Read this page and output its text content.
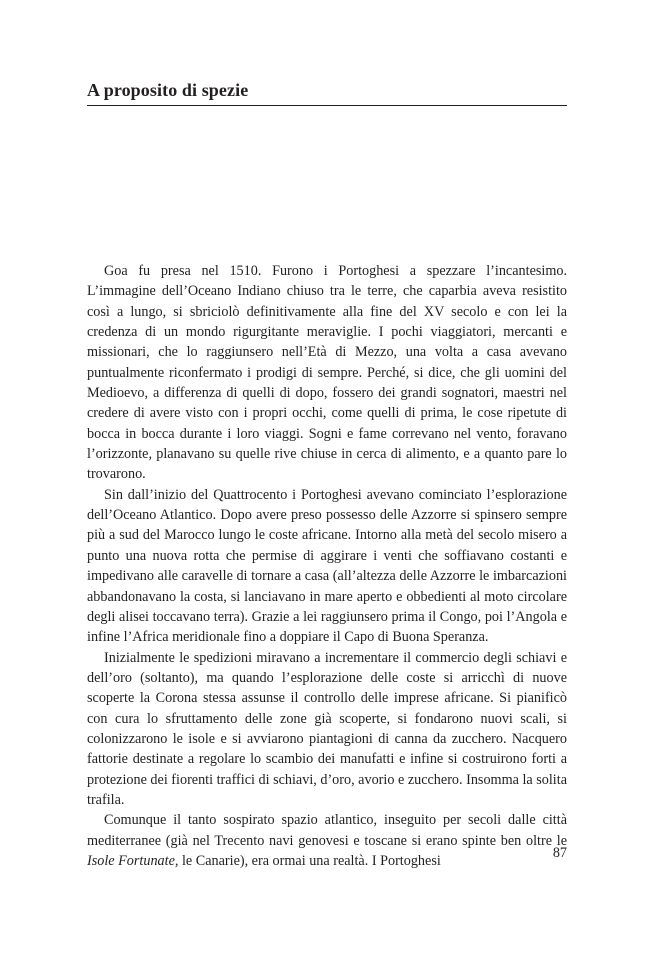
A proposito di spezie

Goa fu presa nel 1510. Furono i Portoghesi a spezzare l’incantesimo. L’immagine dell’Oceano Indiano chiuso tra le terre, che caparbia aveva resistito così a lungo, si sbriciolò definitivamente alla fine del XV secolo e con lei la credenza di un mondo rigurgitante meraviglie. I pochi viaggiatori, mercanti e missionari, che lo raggiunsero nell’Età di Mezzo, una volta a casa avevano puntualmente riconfermato i prodigi di sempre. Perché, si dice, che gli uomini del Medioevo, a differenza di quelli di dopo, fossero dei grandi sognatori, maestri nel credere di avere visto con i propri occhi, come quelli di prima, le cose ripetute di bocca in bocca durante i loro viaggi. Sogni e fame correvano nel vento, foravano l’orizzonte, planavano su quelle rive chiuse in cerca di alimento, e a quanto pare lo trovarono.

Sin dall’inizio del Quattrocento i Portoghesi avevano cominciato l’esplorazione dell’Oceano Atlantico. Dopo avere preso possesso delle Azzorre si spinsero sempre più a sud del Marocco lungo le coste africane. Intorno alla metà del secolo misero a punto una nuova rotta che permise di aggirare i venti che soffiavano costanti e impedivano alle caravelle di tornare a casa (all’altezza delle Azzorre le imbarcazioni abbandonavano la costa, si lanciavano in mare aperto e obbedienti al moto circolare degli alisei toccavano terra). Grazie a lei raggiunsero prima il Congo, poi l’Angola e infine l’Africa meridionale fino a doppiare il Capo di Buona Speranza.

Inizialmente le spedizioni miravano a incrementare il commercio degli schiavi e dell’oro (soltanto), ma quando l’esplorazione delle coste si arricchì di nuove scoperte la Corona stessa assunse il controllo delle imprese africane. Si pianificò con cura lo sfruttamento delle zone già scoperte, si fondarono nuovi scali, si colonizzarono le isole e si avviarono piantagioni di canna da zucchero. Nacquero fattorie destinate a regolare lo scambio dei manufatti e infine si costruirono forti a protezione dei fiorenti traffici di schiavi, d’oro, avorio e zucchero. Insomma la solita trafila.

Comunque il tanto sospirato spazio atlantico, inseguito per secoli dalle città mediterranee (già nel Trecento navi genovesi e toscane si erano spinte ben oltre le Isole Fortunate, le Canarie), era ormai una realtà. I Portoghesi	87
